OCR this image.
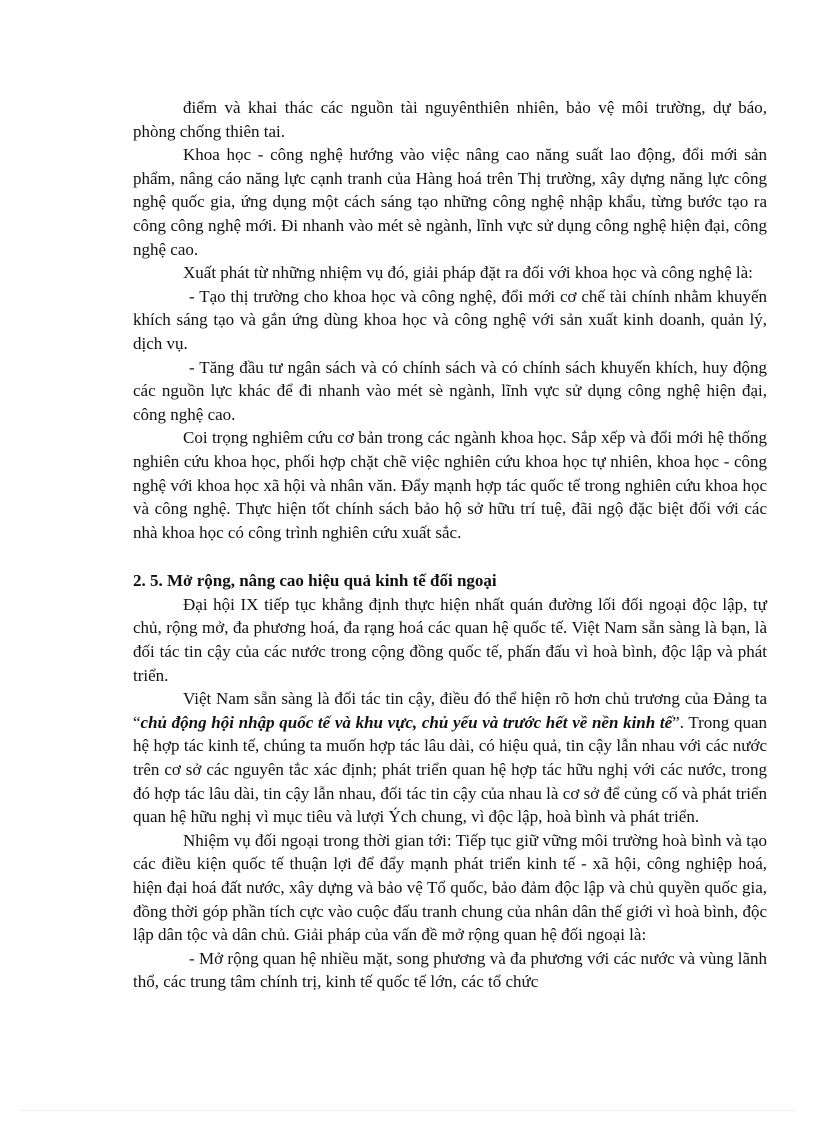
điểm và khai thác các nguồn tài nguyênthiên nhiên, bảo vệ môi trường, dự báo, phòng chống thiên tai.

Khoa học - công nghệ hướng vào việc nâng cao năng suất lao động, đổi mới sản phẩm, nâng cáo năng lực cạnh tranh của Hàng hoá trên Thị trường, xây dựng năng lực công nghệ quốc gia, ứng dụng một cách sáng tạo những công nghệ nhập khẩu, từng bước tạo ra công công nghệ mới. Đi nhanh vào mét sè ngành, lĩnh vực sử dụng công nghệ hiện đại, công nghệ cao.

Xuất phát từ những nhiệm vụ đó, giải pháp đặt ra đối với khoa học và công nghệ là:

- Tạo thị trường cho khoa học và công nghệ, đổi mới cơ chế tài chính nhằm khuyến khích sáng tạo và gắn ứng dùng khoa học và công nghệ với sản xuất kinh doanh, quản lý, dịch vụ.

- Tăng đầu tư ngân sách và có chính sách và có chính sách khuyến khích, huy động các nguồn lực khác để đi nhanh vào mét sè ngành, lĩnh vực sử dụng công nghệ hiện đại, công nghệ cao.

Coi trọng nghiêm cứu cơ bản trong các ngành khoa học. Sắp xếp và đổi mới hệ thống nghiên cứu khoa học, phối hợp chặt chẽ việc nghiên cứu khoa học tự nhiên, khoa học - công nghệ với khoa học xã hội và nhân văn. Đẩy mạnh hợp tác quốc tế trong nghiên cứu khoa học và công nghệ. Thực hiện tốt chính sách bảo hộ sở hữu trí tuệ, đãi ngộ đặc biệt đối với các nhà khoa học có công trình nghiên cứu xuất sắc.

2. 5. Mở rộng, nâng cao hiệu quả kinh tế đối ngoại

Đại hội IX tiếp tục khẳng định thực hiện nhất quán đường lối đối ngoại độc lập, tự chủ, rộng mở, đa phương hoá, đa rạng hoá các quan hệ quốc tế. Việt Nam sẵn sàng là bạn, là đối tác tin cậy của các nước trong cộng đồng quốc tế, phấn đấu vì hoà bình, độc lập và phát triển.

Việt Nam sẵn sàng là đối tác tin cậy, điều đó thể hiện rõ hơn chủ trương của Đảng ta “chủ động hội nhập quốc tế và khu vực, chủ yếu và trước hết về nền kinh tế”. Trong quan hệ hợp tác kinh tế, chúng ta muốn hợp tác lâu dài, có hiệu quả, tin cậy lẫn nhau với các nước trên cơ sở các nguyên tắc xác định; phát triển quan hệ hợp tác hữu nghị với các nước, trong đó hợp tác lâu dài, tin cậy lẫn nhau, đối tác tin cậy của nhau là cơ sở để củng cố và phát triển quan hệ hữu nghị vì mục tiêu và lượi Ých chung, vì độc lập, hoà bình và phát triển.

Nhiệm vụ đối ngoại trong thời gian tới: Tiếp tục giữ vững môi trường hoà bình và tạo các điều kiện quốc tế thuận lợi để đẩy mạnh phát triển kinh tế - xã hội, công nghiệp hoá, hiện đại hoá đất nước, xây dựng và bảo vệ Tổ quốc, bảo đảm độc lập và chủ quyền quốc gia, đồng thời góp phần tích cực vào cuộc đấu tranh chung của nhân dân thế giới vì hoà bình, độc lập dân tộc và dân chủ. Giải pháp của vấn đề mở rộng quan hệ đối ngoại là:

- Mở rộng quan hệ nhiều mặt, song phương và đa phương với các nước và vùng lãnh thổ, các trung tâm chính trị, kinh tế quốc tế lớn, các tổ chức
